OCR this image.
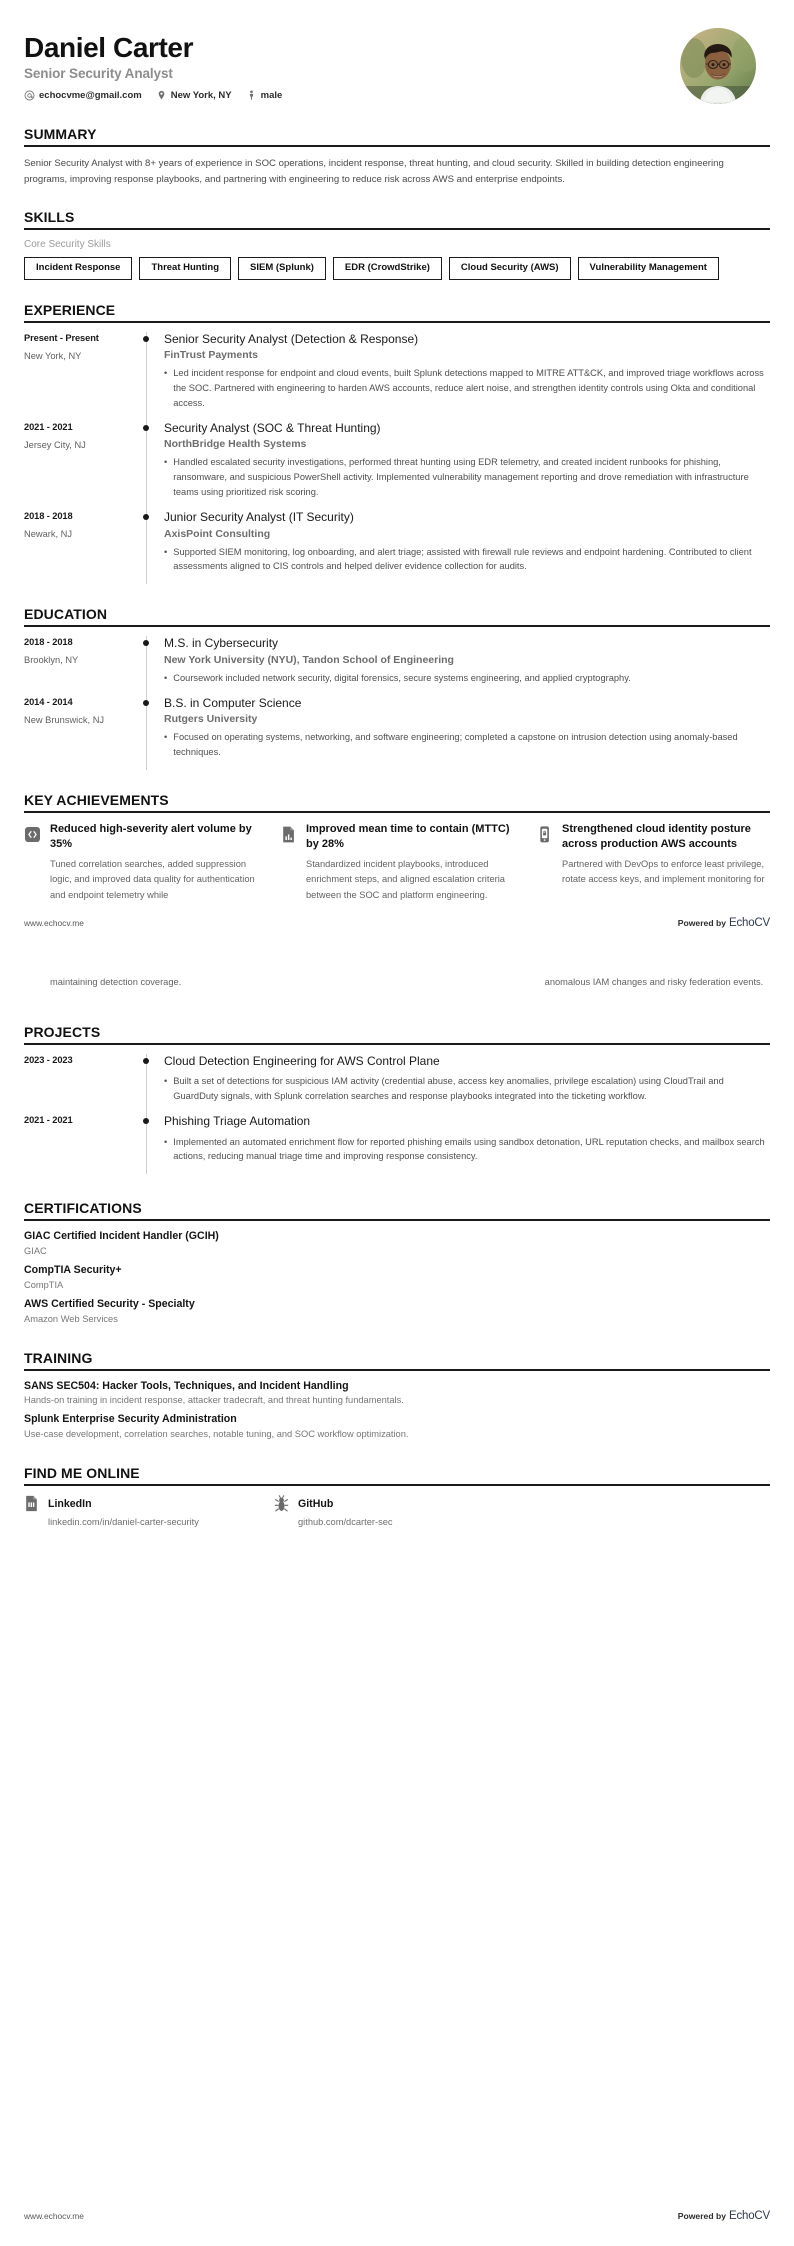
Daniel Carter
Senior Security Analyst
echocvme@gmail.com	New York, NY	male
SUMMARY
Senior Security Analyst with 8+ years of experience in SOC operations, incident response, threat hunting, and cloud security. Skilled in building detection engineering programs, improving response playbooks, and partnering with engineering to reduce risk across AWS and enterprise endpoints.
SKILLS
Core Security Skills
Incident Response	Threat Hunting	SIEM (Splunk)	EDR (CrowdStrike)	Cloud Security (AWS)	Vulnerability Management
EXPERIENCE
Present - Present
New York, NY
Senior Security Analyst (Detection & Response)
FinTrust Payments
• Led incident response for endpoint and cloud events, built Splunk detections mapped to MITRE ATT&CK, and improved triage workflows across the SOC. Partnered with engineering to harden AWS accounts, reduce alert noise, and strengthen identity controls using Okta and conditional access.
2021 - 2021
Jersey City, NJ
Security Analyst (SOC & Threat Hunting)
NorthBridge Health Systems
• Handled escalated security investigations, performed threat hunting using EDR telemetry, and created incident runbooks for phishing, ransomware, and suspicious PowerShell activity. Implemented vulnerability management reporting and drove remediation with infrastructure teams using prioritized risk scoring.
2018 - 2018
Newark, NJ
Junior Security Analyst (IT Security)
AxisPoint Consulting
• Supported SIEM monitoring, log onboarding, and alert triage; assisted with firewall rule reviews and endpoint hardening. Contributed to client assessments aligned to CIS controls and helped deliver evidence collection for audits.
EDUCATION
2018 - 2018
Brooklyn, NY
M.S. in Cybersecurity
New York University (NYU), Tandon School of Engineering
• Coursework included network security, digital forensics, secure systems engineering, and applied cryptography.
2014 - 2014
New Brunswick, NJ
B.S. in Computer Science
Rutgers University
• Focused on operating systems, networking, and software engineering; completed a capstone on intrusion detection using anomaly-based techniques.
KEY ACHIEVEMENTS
Reduced high-severity alert volume by 35%
Tuned correlation searches, added suppression logic, and improved data quality for authentication and endpoint telemetry while
Improved mean time to contain (MTTC) by 28%
Standardized incident playbooks, introduced enrichment steps, and aligned escalation criteria between the SOC and platform engineering.
Strengthened cloud identity posture across production AWS accounts
Partnered with DevOps to enforce least privilege, rotate access keys, and implement monitoring for
www.echocv.me	Powered by EchoCV
maintaining detection coverage.	anomalous IAM changes and risky federation events.
PROJECTS
2023 - 2023	Cloud Detection Engineering for AWS Control Plane
• Built a set of detections for suspicious IAM activity (credential abuse, access key anomalies, privilege escalation) using CloudTrail and GuardDuty signals, with Splunk correlation searches and response playbooks integrated into the ticketing workflow.
2021 - 2021	Phishing Triage Automation
• Implemented an automated enrichment flow for reported phishing emails using sandbox detonation, URL reputation checks, and mailbox search actions, reducing manual triage time and improving response consistency.
CERTIFICATIONS
GIAC Certified Incident Handler (GCIH)
GIAC
CompTIA Security+
CompTIA
AWS Certified Security - Specialty
Amazon Web Services
TRAINING
SANS SEC504: Hacker Tools, Techniques, and Incident Handling
Hands-on training in incident response, attacker tradecraft, and threat hunting fundamentals.
Splunk Enterprise Security Administration
Use-case development, correlation searches, notable tuning, and SOC workflow optimization.
FIND ME ONLINE
LinkedIn
linkedin.com/in/daniel-carter-security
GitHub
github.com/dcarter-sec
www.echocv.me	Powered by EchoCV
